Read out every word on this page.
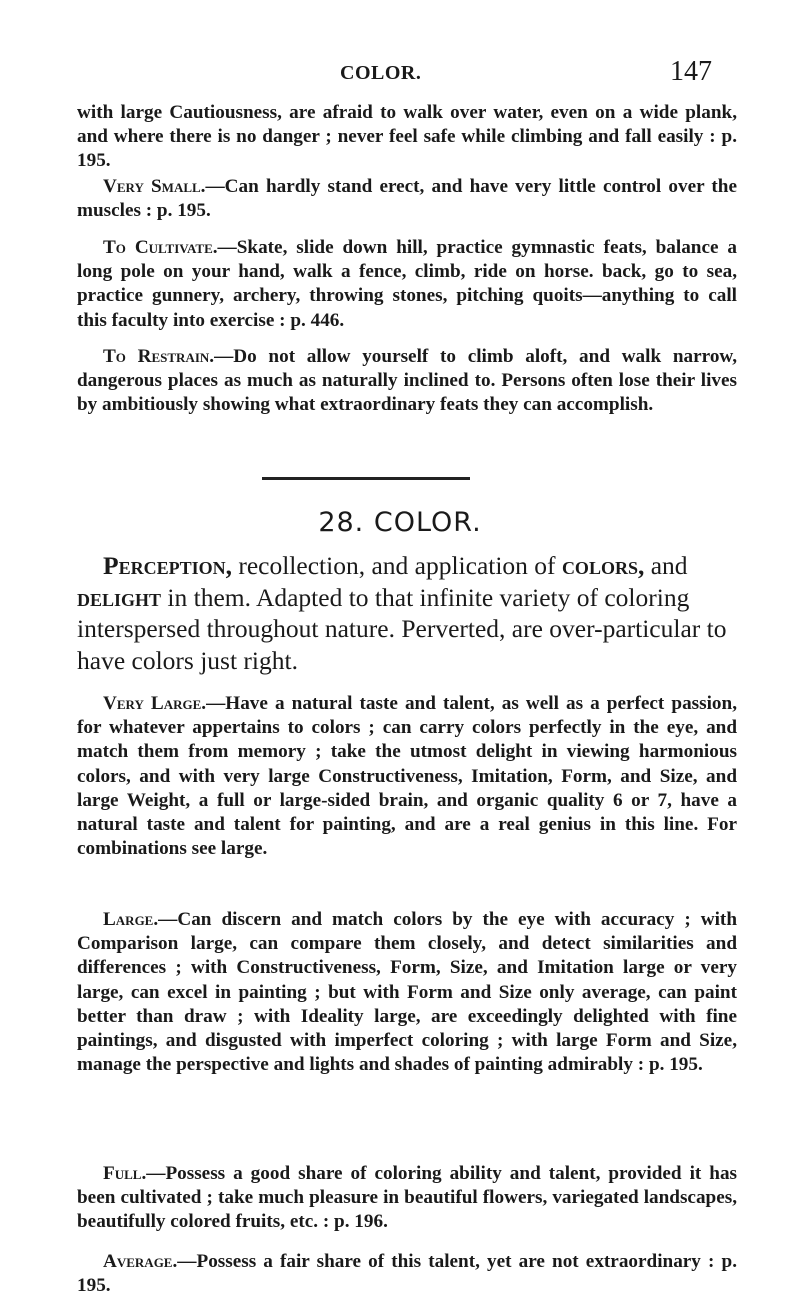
COLOR.	147

with large Cautiousness, are afraid to walk over water, even on a wide plank, and where there is no danger ; never feel safe while climbing and fall easily : p. 195.

Very Small.—Can hardly stand erect, and have very little control over the muscles : p. 195.

To Cultivate.—Skate, slide down hill, practice gymnastic feats, balance a long pole on your hand, walk a fence, climb, ride on horse. back, go to sea, practice gunnery, archery, throwing stones, pitching quoits—anything to call this faculty into exercise : p. 446.

To Restrain.—Do not allow yourself to climb aloft, and walk narrow, dangerous places as much as naturally inclined to. Persons often lose their lives by ambitiously showing what extraordinary feats they can accomplish.

28. COLOR.

Perception, recollection, and application of colors, and delight in them. Adapted to that infinite variety of coloring interspersed throughout nature. Perverted, are over-particular to have colors just right.

Very Large.—Have a natural taste and talent, as well as a perfect passion, for whatever appertains to colors ; can carry colors perfectly in the eye, and match them from memory ; take the utmost delight in viewing harmonious colors, and with very large Constructiveness, Imitation, Form, and Size, and large Weight, a full or large-sided brain, and organic quality 6 or 7, have a natural taste and talent for painting, and are a real genius in this line. For combinations see large.

Large.—Can discern and match colors by the eye with accuracy ; with Comparison large, can compare them closely, and detect similarities and differences ; with Constructiveness, Form, Size, and Imitation large or very large, can excel in painting ; but with Form and Size only average, can paint better than draw ; with Ideality large, are exceedingly delighted with fine paintings, and disgusted with imperfect coloring ; with large Form and Size, manage the perspective and lights and shades of painting admirably : p. 195.

Full.—Possess a good share of coloring ability and talent, provided it has been cultivated ; take much pleasure in beautiful flowers, variegated landscapes, beautifully colored fruits, etc. : p. 196.

Average.—Possess a fair share of this talent, yet are not extraordinary : p. 195.
